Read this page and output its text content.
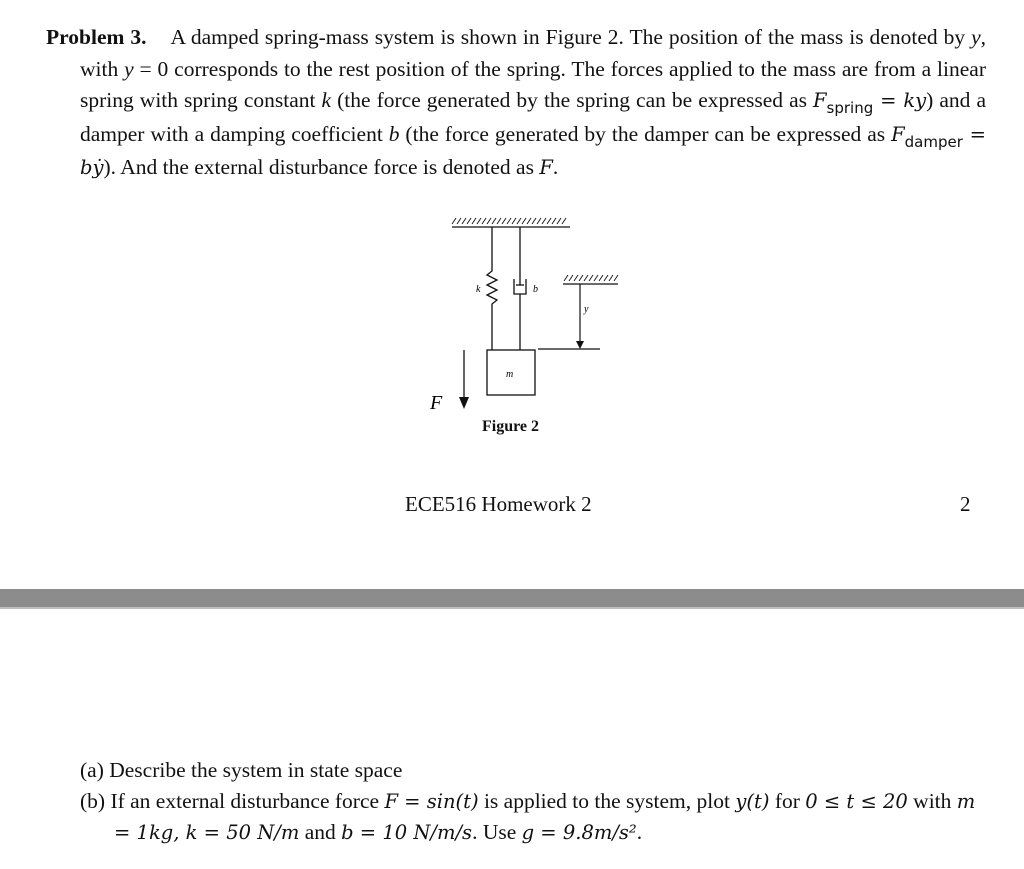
Problem 3. A damped spring-mass system is shown in Figure 2. The position of the mass is denoted by y, with y = 0 corresponds to the rest position of the spring. The forces applied to the mass are from a linear spring with spring constant k (the force generated by the spring can be expressed as $F_{spring} = ky$) and a damper with a damping coefficient b (the force generated by the damper can be expressed as $F_{damper}$ = bẏ). And the external disturbance force is denoted as F.

k	b
m
y
F
Figure 2
ECE516 Homework 2	2

(a) Describe the system in state space

(b) If an external disturbance force F = sin(t) is applied to the system, plot y(t) for 0 ≤ t ≤ 20 with m = 1kg, k = 50 N/m and b = 10 N/m/s. Use g = 9.8m/s².
